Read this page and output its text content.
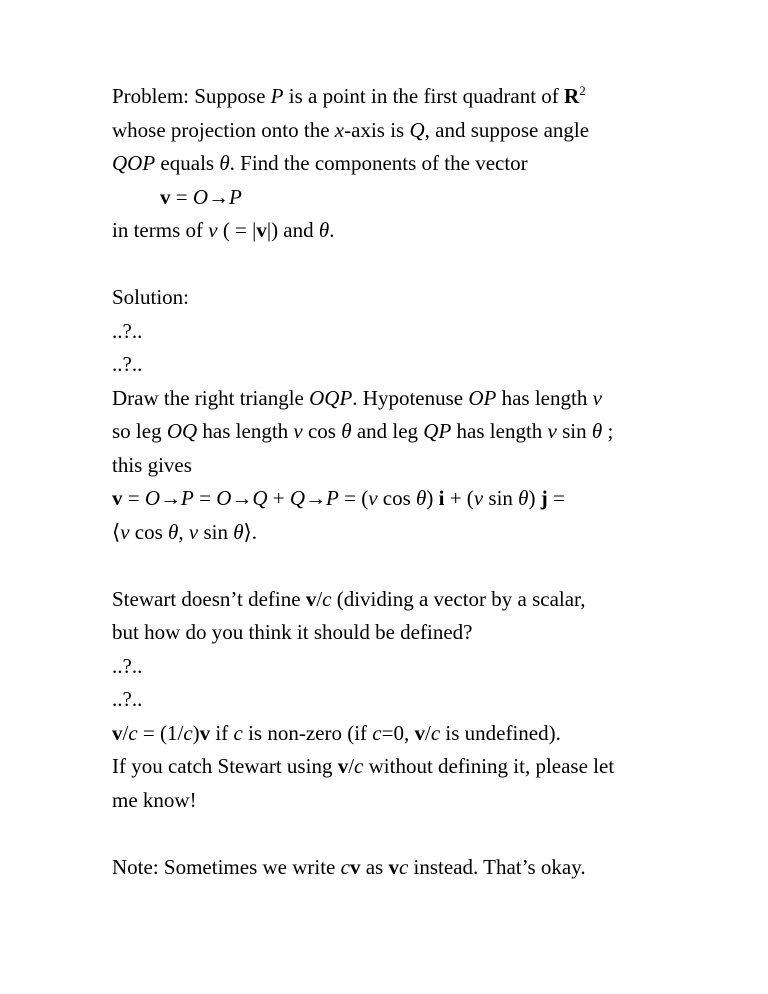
Problem: Suppose P is a point in the first quadrant of $R^2$
whose projection onto the x-axis is Q, and suppose angle
QOP equals θ. Find the components of the vector
v = O→P
in terms of v ( = |v|) and θ.
Solution:
..?..
..?..
Draw the right triangle OQP. Hypotenuse OP has length v
so leg OQ has length v cos θ and leg QP has length v sin θ ;
this gives
v = O→P = O→Q + Q→P = (v cos θ) i + (v sin θ) j =
⟨v cos θ, v sin θ⟩.
Stewart doesn’t define v/c (dividing a vector by a scalar,
but how do you think it should be defined?
..?..
..?..
v/c = (1/c)v if c is non-zero (if c=0, v/c is undefined).
If you catch Stewart using v/c without defining it, please let
me know!
Note: Sometimes we write cv as vc instead. That’s okay.
